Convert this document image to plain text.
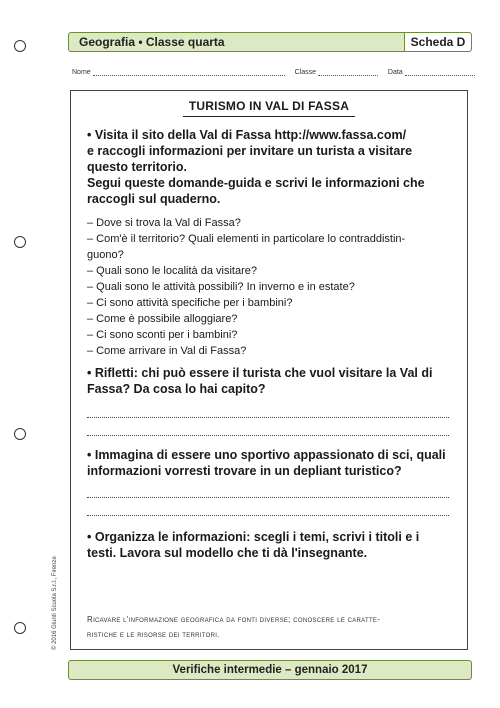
Geografia • Classe quarta	Scheda D
Nome	Classe	Data
TURISMO IN VAL DI FASSA
• Visita il sito della Val di Fassa http://www.fassa.com/
e raccogli informazioni per invitare un turista a visitare
questo territorio.
Segui queste domande-guida e scrivi le informazioni che
raccogli sul quaderno.
– Dove si trova la Val di Fassa?
– Com'è il territorio? Quali elementi in particolare lo contraddistin-
guono?
– Quali sono le località da visitare?
– Quali sono le attività possibili? In inverno e in estate?
– Ci sono attività specifiche per i bambini?
– Come è possibile alloggiare?
– Ci sono sconti per i bambini?
– Come arrivare in Val di Fassa?
• Rifletti: chi può essere il turista che vuol visitare la Val di
Fassa? Da cosa lo hai capito?
• Immagina di essere uno sportivo appassionato di sci, quali
informazioni vorresti trovare in un depliant turistico?
• Organizza le informazioni: scegli i temi, scrivi i titoli e i
testi. Lavora sul modello che ti dà l'insegnante.
Ricavare l'informazione geografica da fonti diverse; conoscere le caratte-
ristiche e le risorse dei territori.
© 2016 Giunti Scuola S.r.l., Firenze
Verifiche intermedie – gennaio 2017
